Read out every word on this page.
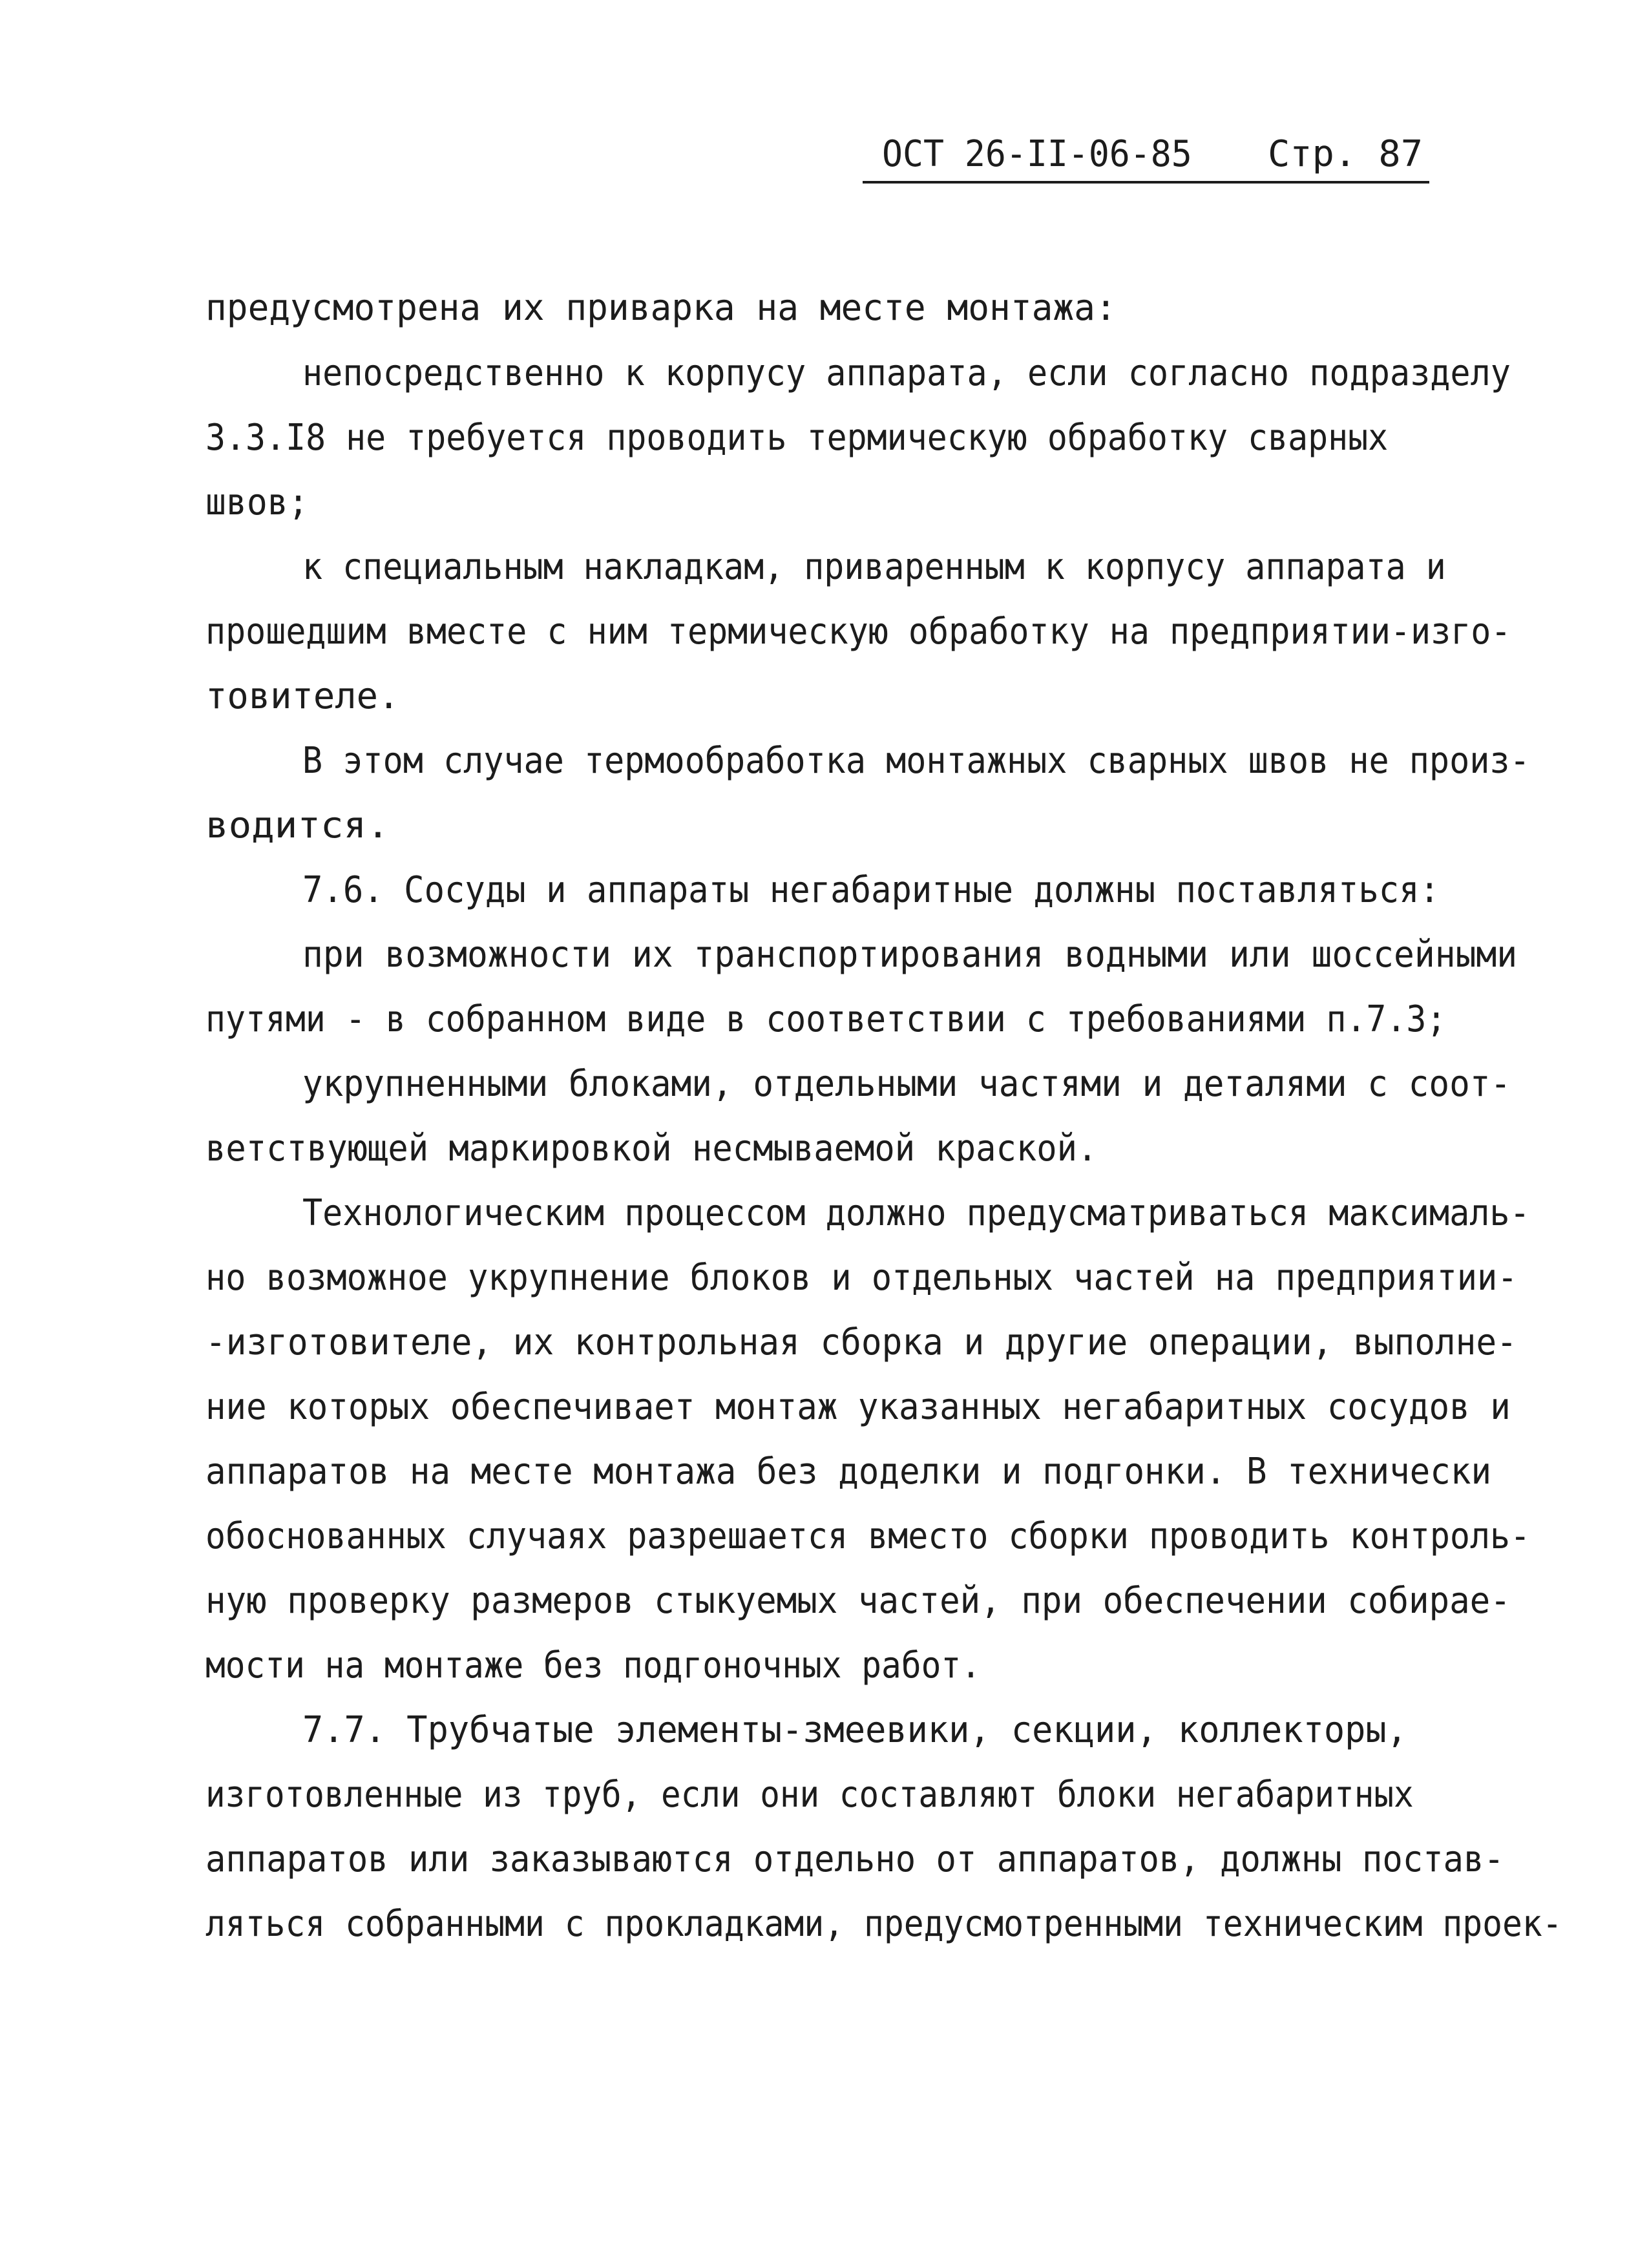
ОСТ 26-II-06-85 Стр. 87
предусмотрена их приварка на месте монтажа:
непосредственно к корпусу аппарата, если согласно подразделу
3.3.I8 не требуется проводить термическую обработку сварных
швов;
к специальным накладкам, приваренным к корпусу аппарата и
прошедшим вместе с ним термическую обработку на предприятии-изго-
товителе.
В этом случае термообработка монтажных сварных швов не произ-
водится.
7.6. Сосуды и аппараты негабаритные должны поставляться:
при возможности их транспортирования водными или шоссейными
путями - в собранном виде в соответствии с требованиями п.7.3;
укрупненными блоками, отдельными частями и деталями с соот-
ветствующей маркировкой несмываемой краской.
Технологическим процессом должно предусматриваться максималь-
но возможное укрупнение блоков и отдельных частей на предприятии-
-изготовителе, их контрольная сборка и другие операции, выполне-
ние которых обеспечивает монтаж указанных негабаритных сосудов и
аппаратов на месте монтажа без доделки и подгонки. В технически
обоснованных случаях разрешается вместо сборки проводить контроль-
ную проверку размеров стыкуемых частей, при обеспечении собирае-
мости на монтаже без подгоночных работ.
7.7. Трубчатые элементы-змеевики, секции, коллекторы,
изготовленные из труб, если они составляют блоки негабаритных
аппаратов или заказываются отдельно от аппаратов, должны постав-
ляться собранными с прокладками, предусмотренными техническим проек-
